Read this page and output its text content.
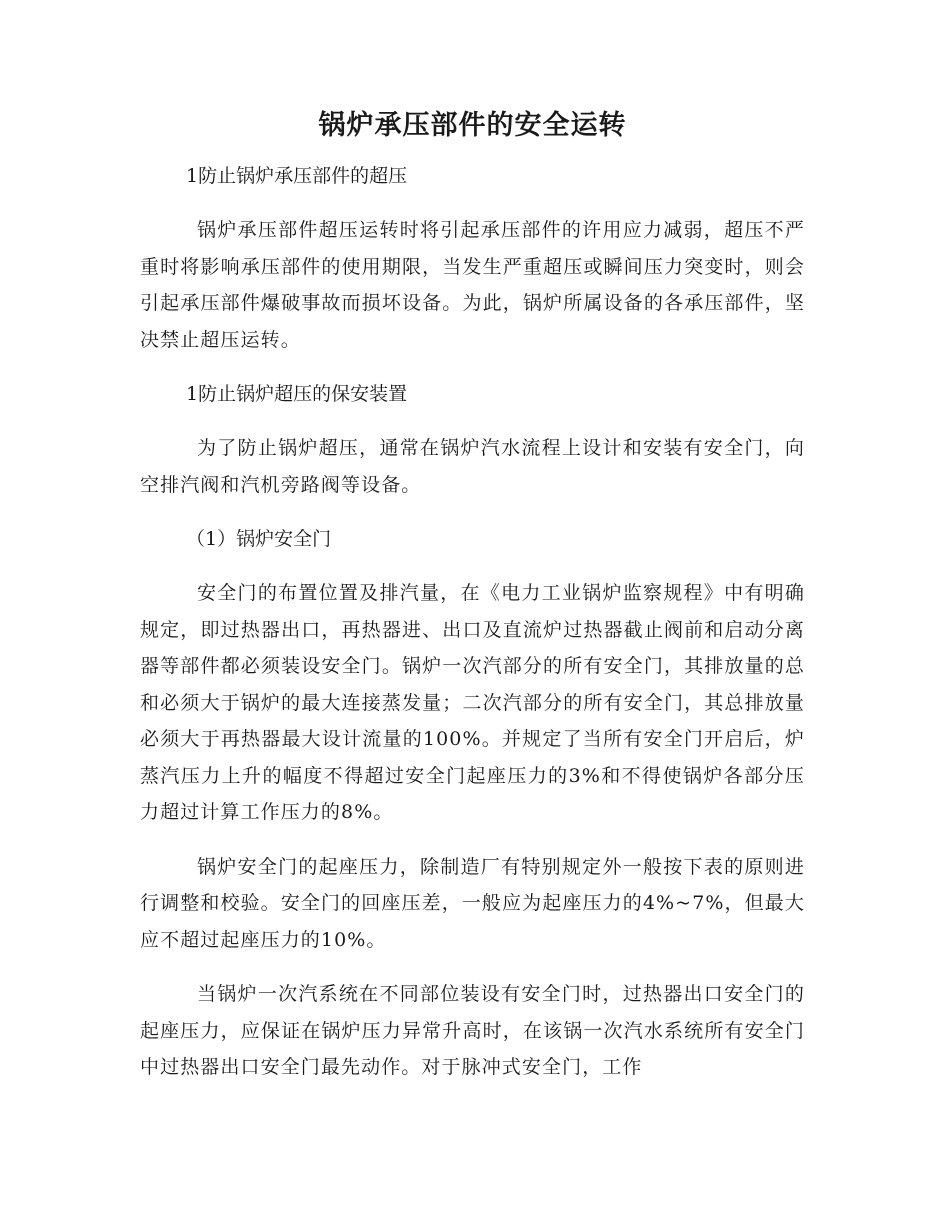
锅炉承压部件的安全运转
1防止锅炉承压部件的超压

锅炉承压部件超压运转时将引起承压部件的许用应力减弱，超压不严重时将影响承压部件的使用期限，当发生严重超压或瞬间压力突变时，则会引起承压部件爆破事故而损坏设备。为此，锅炉所属设备的各承压部件，坚决禁止超压运转。

1防止锅炉超压的保安装置

为了防止锅炉超压，通常在锅炉汽水流程上设计和安装有安全门，向空排汽阀和汽机旁路阀等设备。

（1）锅炉安全门

安全门的布置位置及排汽量，在《电力工业锅炉监察规程》中有明确规定，即过热器出口，再热器进、出口及直流炉过热器截止阀前和启动分离器等部件都必须装设安全门。锅炉一次汽部分的所有安全门，其排放量的总和必须大于锅炉的最大连接蒸发量；二次汽部分的所有安全门，其总排放量必须大于再热器最大设计流量的100%。并规定了当所有安全门开启后，炉蒸汽压力上升的幅度不得超过安全门起座压力的3%和不得使锅炉各部分压力超过计算工作压力的8%。

锅炉安全门的起座压力，除制造厂有特别规定外一般按下表的原则进行调整和校验。安全门的回座压差，一般应为起座压力的4%~7%，但最大应不超过起座压力的10%。

当锅炉一次汽系统在不同部位装设有安全门时，过热器出口安全门的起座压力，应保证在锅炉压力异常升高时，在该锅一次汽水系统所有安全门中过热器出口安全门最先动作。对于脉冲式安全门，工作
